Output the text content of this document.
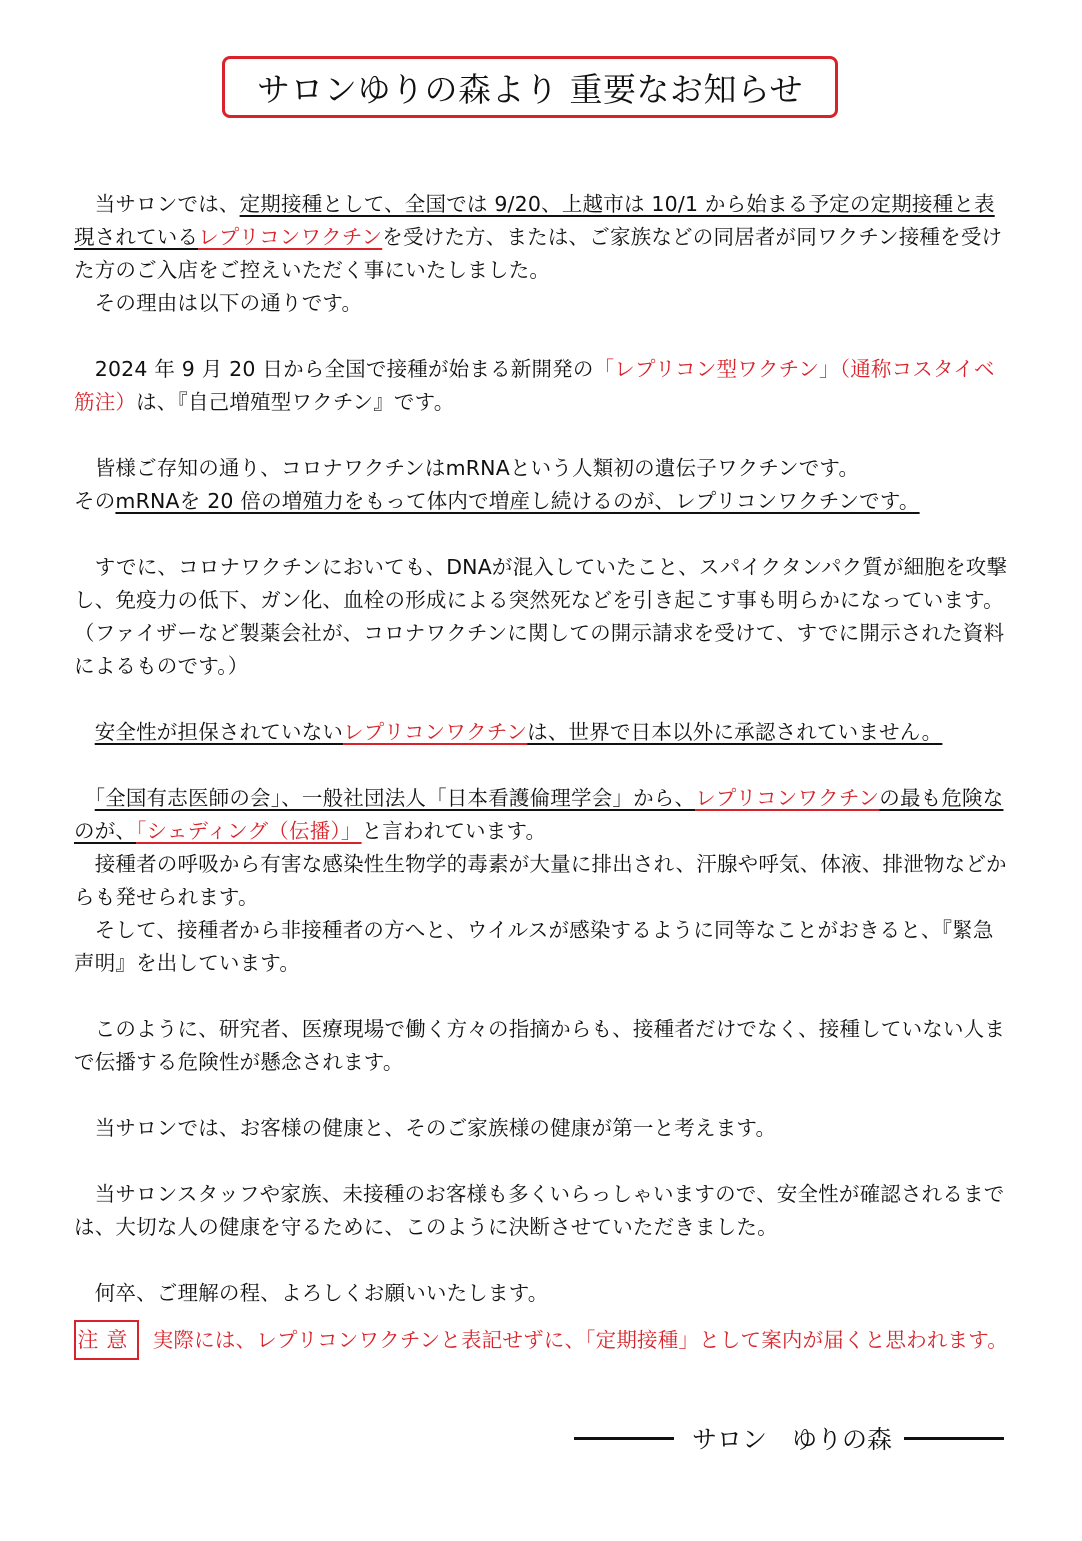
サロンゆりの森より 重要なお知らせ

　当サロンでは、定期接種として、全国では 9/20、上越市は 10/1 から始まる予定の定期接種と表現されているレプリコンワクチンを受けた方、または、ご家族などの同居者が同ワクチン接種を受けた方のご入店をご控えいただく事にいたしました。

　その理由は以下の通りです。

　2024 年 9 月 20 日から全国で接種が始まる新開発の「レプリコン型ワクチン」（通称コスタイベ筋注）は、『自己増殖型ワクチン』です。

　皆様ご存知の通り、コロナワクチンはmRNAという人類初の遺伝子ワクチンです。

そのmRNAを 20 倍の増殖力をもって体内で増産し続けるのが、レプリコンワクチンです。

　すでに、コロナワクチンにおいても、DNAが混入していたこと、スパイクタンパク質が細胞を攻撃し、免疫力の低下、ガン化、血栓の形成による突然死などを引き起こす事も明らかになっています。（ファイザーなど製薬会社が、コロナワクチンに関しての開示請求を受けて、すでに開示された資料によるものです。）

　安全性が担保されていないレプリコンワクチンは、世界で日本以外に承認されていません。

　「全国有志医師の会」、一般社団法人「日本看護倫理学会」から、レプリコンワクチンの最も危険なのが、「シェディング（伝播）」と言われています。

　接種者の呼吸から有害な感染性生物学的毒素が大量に排出され、汗腺や呼気、体液、排泄物などからも発せられます。

　そして、接種者から非接種者の方へと、ウイルスが感染するように同等なことがおきると、『緊急声明』を出しています。

　このように、研究者、医療現場で働く方々の指摘からも、接種者だけでなく、接種していない人まで伝播する危険性が懸念されます。

　当サロンでは、お客様の健康と、そのご家族様の健康が第一と考えます。

　当サロンスタッフや家族、未接種のお客様も多くいらっしゃいますので、安全性が確認されるまでは、大切な人の健康を守るために、このように決断させていただきました。

　何卒、ご理解の程、よろしくお願いいたします。

注意 実際には、レプリコンワクチンと表記せずに、「定期接種」として案内が届くと思われます。
サロン　ゆりの森
